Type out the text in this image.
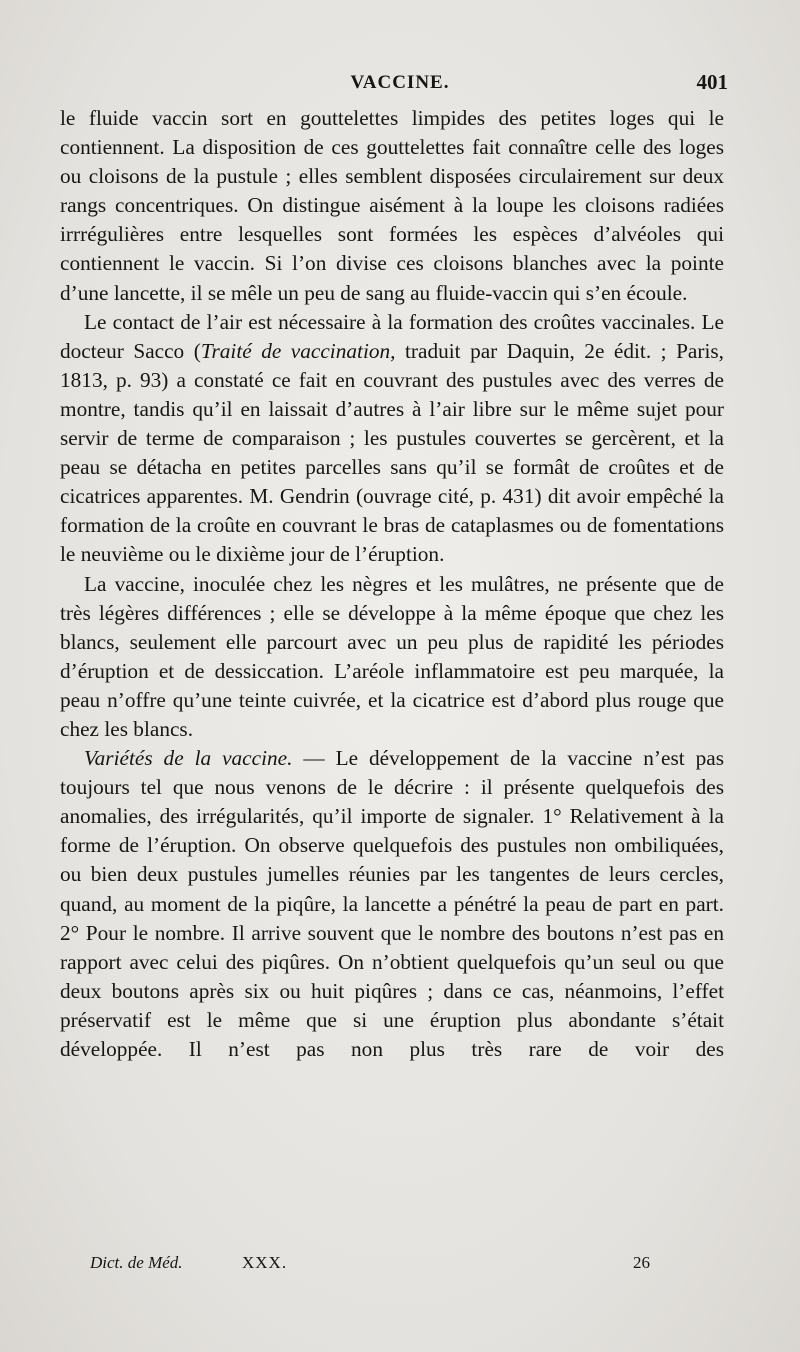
VACCINE.	401

le fluide vaccin sort en gouttelettes limpides des petites loges qui le contiennent. La disposition de ces gouttelettes fait connaître celle des loges ou cloisons de la pustule ; elles semblent disposées circulairement sur deux rangs concentriques. On distingue aisément à la loupe les cloisons radiées irrrégulières entre lesquelles sont formées les espèces d’alvéoles qui contiennent le vaccin. Si l’on divise ces cloisons blanches avec la pointe d’une lancette, il se mêle un peu de sang au fluide-vaccin qui s’en écoule.

Le contact de l’air est nécessaire à la formation des croûtes vaccinales. Le docteur Sacco (Traité de vaccination, traduit par Daquin, 2e édit. ; Paris, 1813, p. 93) a constaté ce fait en couvrant des pustules avec des verres de montre, tandis qu’il en laissait d’autres à l’air libre sur le même sujet pour servir de terme de comparaison ; les pustules couvertes se gercèrent, et la peau se détacha en petites parcelles sans qu’il se formât de croûtes et de cicatrices apparentes. M. Gendrin (ouvrage cité, p. 431) dit avoir empêché la formation de la croûte en couvrant le bras de cataplasmes ou de fomentations le neuvième ou le dixième jour de l’éruption.

La vaccine, inoculée chez les nègres et les mulâtres, ne présente que de très légères différences ; elle se développe à la même époque que chez les blancs, seulement elle parcourt avec un peu plus de rapidité les périodes d’éruption et de dessiccation. L’aréole inflammatoire est peu marquée, la peau n’offre qu’une teinte cuivrée, et la cicatrice est d’abord plus rouge que chez les blancs.

Variétés de la vaccine. — Le développement de la vaccine n’est pas toujours tel que nous venons de le décrire : il présente quelquefois des anomalies, des irrégularités, qu’il importe de signaler. 1° Relativement à la forme de l’éruption. On observe quelquefois des pustules non ombiliquées, ou bien deux pustules jumelles réunies par les tangentes de leurs cercles, quand, au moment de la piqûre, la lancette a pénétré la peau de part en part. 2° Pour le nombre. Il arrive souvent que le nombre des boutons n’est pas en rapport avec celui des piqûres. On n’obtient quelquefois qu’un seul ou que deux boutons après six ou huit piqûres ; dans ce cas, néanmoins, l’effet préservatif est le même que si une éruption plus abondante s’était développée. Il n’est pas non plus très rare de voir des

Dict. de Méd.	XXX.	26
